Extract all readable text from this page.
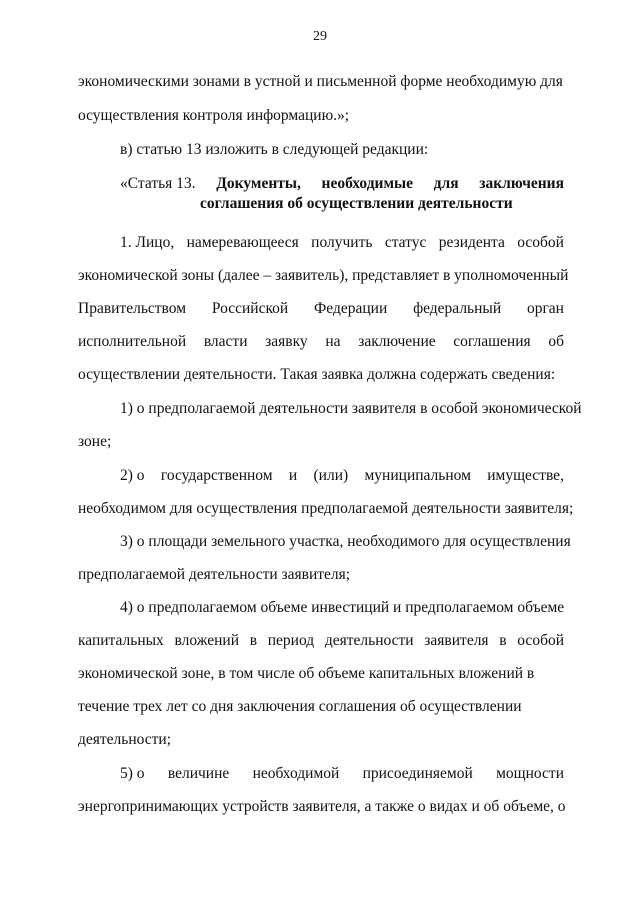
29
экономическими зонами в устной и письменной форме необходимую для
осуществления контроля информацию.»;
в) статью 13 изложить в следующей редакции:
«Статья 13. Документы, необходимые для заключения
соглашения об осуществлении деятельности
1. Лицо, намеревающееся получить статус резидента особой
экономической зоны (далее – заявитель), представляет в уполномоченный
Правительством Российской Федерации федеральный орган
исполнительной власти заявку на заключение соглашения об
осуществлении деятельности. Такая заявка должна содержать сведения:
1) о предполагаемой деятельности заявителя в особой экономической
зоне;
2) о государственном и (или) муниципальном имуществе,
необходимом для осуществления предполагаемой деятельности заявителя;
3) о площади земельного участка, необходимого для осуществления
предполагаемой деятельности заявителя;
4) о предполагаемом объеме инвестиций и предполагаемом объеме
капитальных вложений в период деятельности заявителя в особой
экономической зоне, в том числе об объеме капитальных вложений в
течение трех лет со дня заключения соглашения об осуществлении
деятельности;
5) о величине необходимой присоединяемой мощности
энергопринимающих устройств заявителя, а также о видах и об объеме, о
